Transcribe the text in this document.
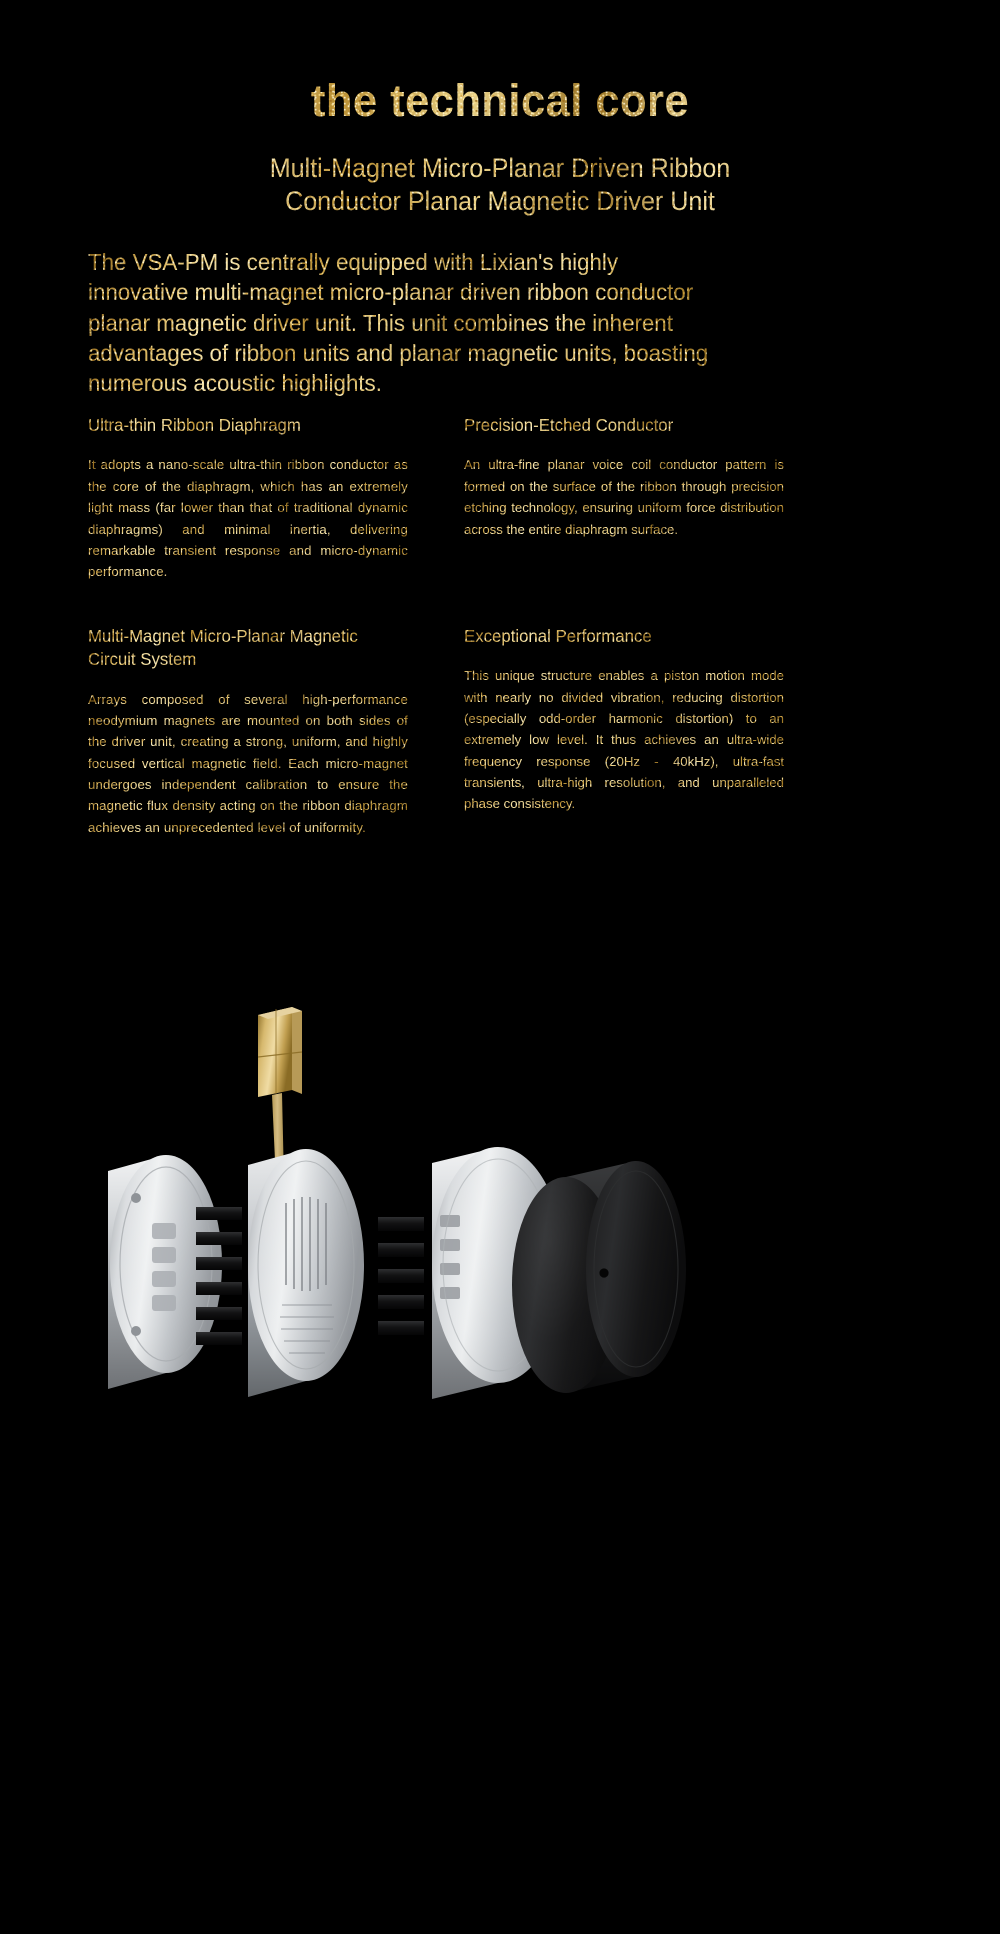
the technical core
Multi-Magnet Micro-Planar Driven Ribbon
Conductor Planar Magnetic Driver Unit

The VSA-PM is centrally equipped with Lixian's highly innovative multi-magnet micro-planar driven ribbon conductor planar magnetic driver unit. This unit combines the inherent advantages of ribbon units and planar magnetic units, boasting numerous acoustic highlights.

Ultra-thin Ribbon Diaphragm

It adopts a nano-scale ultra-thin ribbon conductor as the core of the diaphragm, which has an extremely light mass (far lower than that of traditional dynamic diaphragms) and minimal inertia, delivering remarkable transient response and micro-dynamic performance.

Precision-Etched Conductor

An ultra-fine planar voice coil conductor pattern is formed on the surface of the ribbon through precision etching technology, ensuring uniform force distribution across the entire diaphragm surface.

Multi-Magnet Micro-Planar Magnetic Circuit System

Arrays composed of several high-performance neodymium magnets are mounted on both sides of the driver unit, creating a strong, uniform, and highly focused vertical magnetic field. Each micro-magnet undergoes independent calibration to ensure the magnetic flux density acting on the ribbon diaphragm achieves an unprecedented level of uniformity.

Exceptional Performance

This unique structure enables a piston motion mode with nearly no divided vibration, reducing distortion (especially odd-order harmonic distortion) to an extremely low level. It thus achieves an ultra-wide frequency response (20Hz - 40kHz), ultra-fast transients, ultra-high resolution, and unparalleled phase consistency.
